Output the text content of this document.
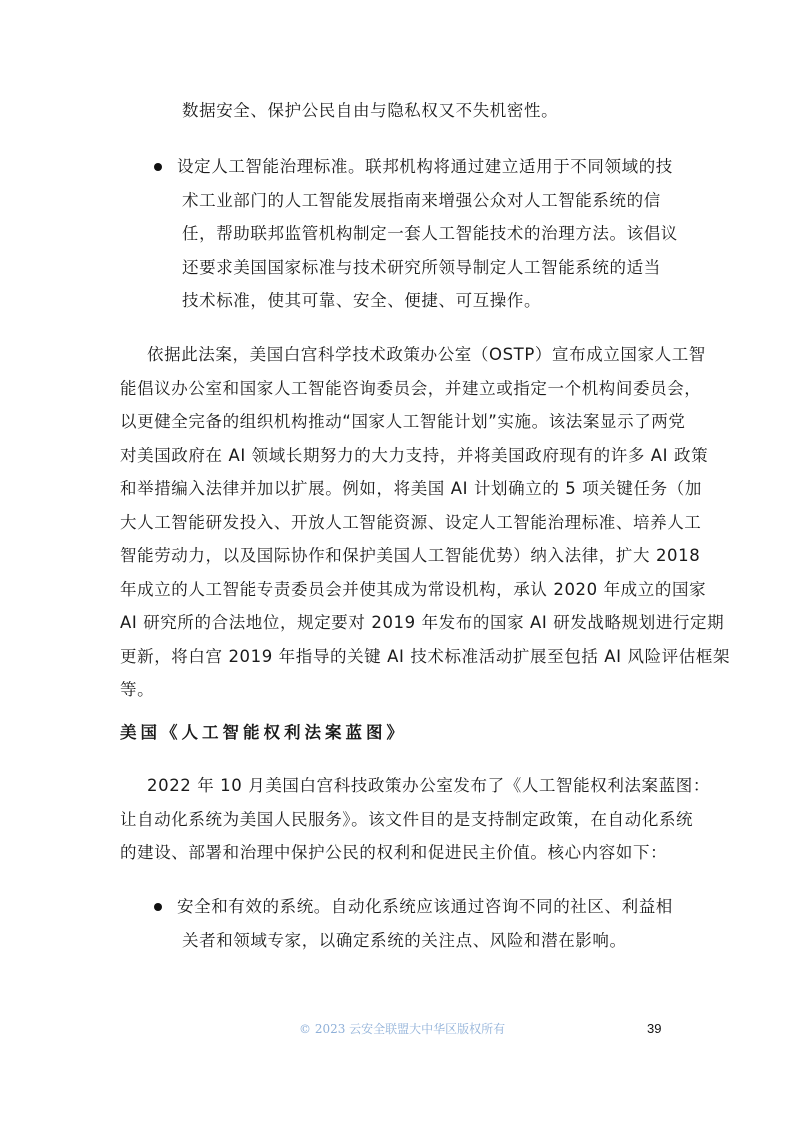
数据安全、保护公民自由与隐私权又不失机密性。
设定人工智能治理标准。联邦机构将通过建立适用于不同领域的技
术工业部门的人工智能发展指南来增强公众对人工智能系统的信
任，帮助联邦监管机构制定一套人工智能技术的治理方法。该倡议
还要求美国国家标准与技术研究所领导制定人工智能系统的适当
技术标准，使其可靠、安全、便捷、可互操作。
依据此法案，美国白宫科学技术政策办公室（OSTP）宣布成立国家人工智
能倡议办公室和国家人工智能咨询委员会，并建立或指定一个机构间委员会，
以更健全完备的组织机构推动“国家人工智能计划”实施。该法案显示了两党
对美国政府在 AI 领域长期努力的大力支持，并将美国政府现有的许多 AI 政策
和举措编入法律并加以扩展。例如，将美国 AI 计划确立的 5 项关键任务（加
大人工智能研发投入、开放人工智能资源、设定人工智能治理标准、培养人工
智能劳动力，以及国际协作和保护美国人工智能优势）纳入法律，扩大 2018
年成立的人工智能专责委员会并使其成为常设机构，承认 2020 年成立的国家
AI 研究所的合法地位，规定要对 2019 年发布的国家 AI 研发战略规划进行定期
更新，将白宫 2019 年指导的关键 AI 技术标准活动扩展至包括 AI 风险评估框架
等。
美国《人工智能权利法案蓝图》
2022 年 10 月美国白宫科技政策办公室发布了《人工智能权利法案蓝图：
让自动化系统为美国人民服务》。该文件目的是支持制定政策，在自动化系统
的建设、部署和治理中保护公民的权利和促进民主价值。核心内容如下：
安全和有效的系统。自动化系统应该通过咨询不同的社区、利益相
关者和领域专家，以确定系统的关注点、风险和潜在影响。
© 2023 云安全联盟大中华区版权所有	39
